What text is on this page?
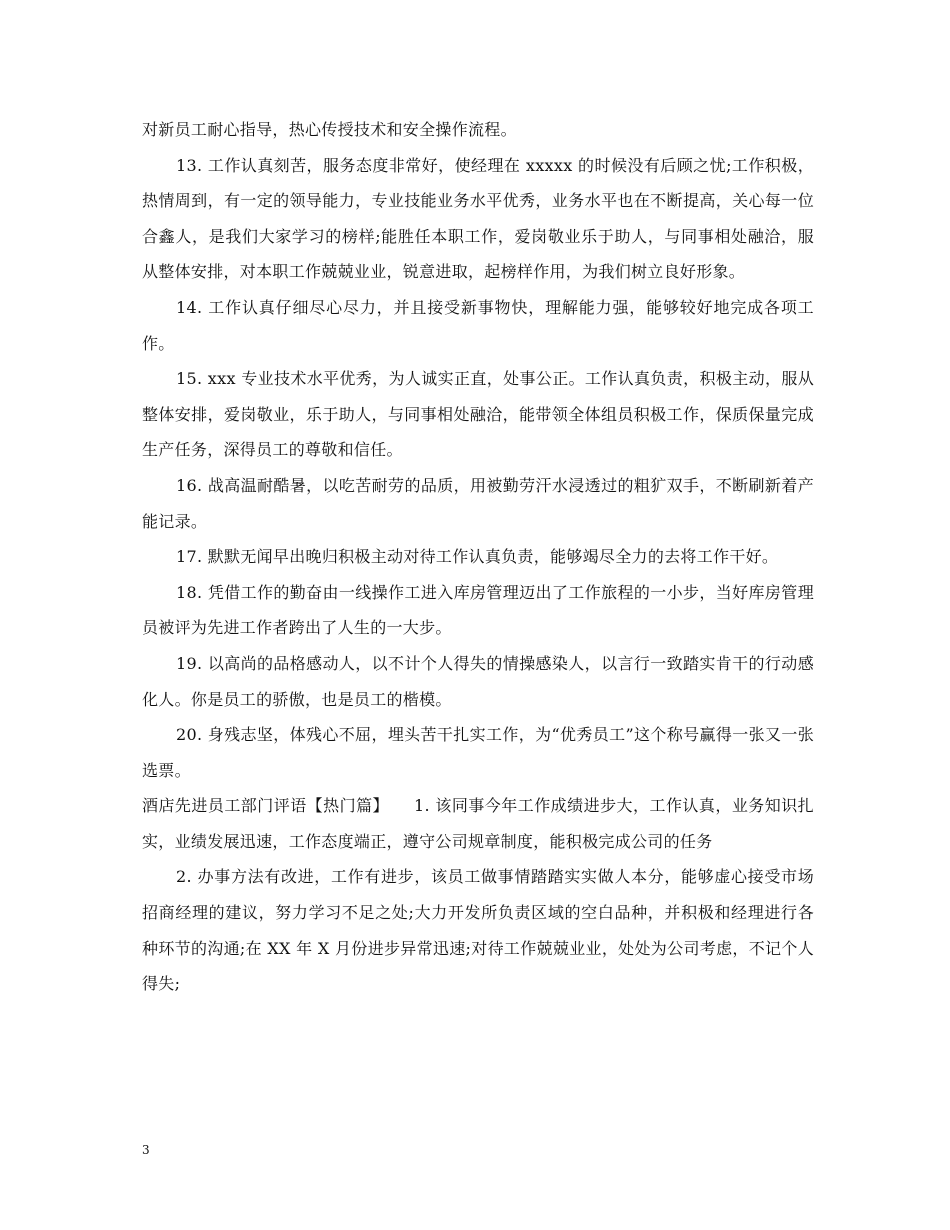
对新员工耐心指导，热心传授技术和安全操作流程。

13. 工作认真刻苦，服务态度非常好，使经理在 xxxxx 的时候没有后顾之忧;工作积极，热情周到，有一定的领导能力，专业技能业务水平优秀，业务水平也在不断提高，关心每一位合鑫人，是我们大家学习的榜样;能胜任本职工作，爱岗敬业乐于助人，与同事相处融洽，服从整体安排，对本职工作兢兢业业，锐意进取，起榜样作用，为我们树立良好形象。

14. 工作认真仔细尽心尽力，并且接受新事物快，理解能力强，能够较好地完成各项工作。

15. xxx 专业技术水平优秀，为人诚实正直，处事公正。工作认真负责，积极主动，服从整体安排，爱岗敬业，乐于助人，与同事相处融洽，能带领全体组员积极工作，保质保量完成生产任务，深得员工的尊敬和信任。

16. 战高温耐酷暑，以吃苦耐劳的品质，用被勤劳汗水浸透过的粗犷双手，不断刷新着产能记录。

17. 默默无闻早出晚归积极主动对待工作认真负责，能够竭尽全力的去将工作干好。

18. 凭借工作的勤奋由一线操作工进入库房管理迈出了工作旅程的一小步，当好库房管理员被评为先进工作者跨出了人生的一大步。

19. 以高尚的品格感动人，以不计个人得失的情操感染人，以言行一致踏实肯干的行动感化人。你是员工的骄傲，也是员工的楷模。

20. 身残志坚，体残心不屈，埋头苦干扎实工作，为“优秀员工”这个称号赢得一张又一张选票。

酒店先进员工部门评语【热门篇】　　1. 该同事今年工作成绩进步大，工作认真，业务知识扎实，业绩发展迅速，工作态度端正，遵守公司规章制度，能积极完成公司的任务

2. 办事方法有改进，工作有进步，该员工做事情踏踏实实做人本分，能够虚心接受市场招商经理的建议，努力学习不足之处;大力开发所负责区域的空白品种，并积极和经理进行各种环节的沟通;在 XX 年 X 月份进步异常迅速;对待工作兢兢业业，处处为公司考虑，不记个人得失;

3
